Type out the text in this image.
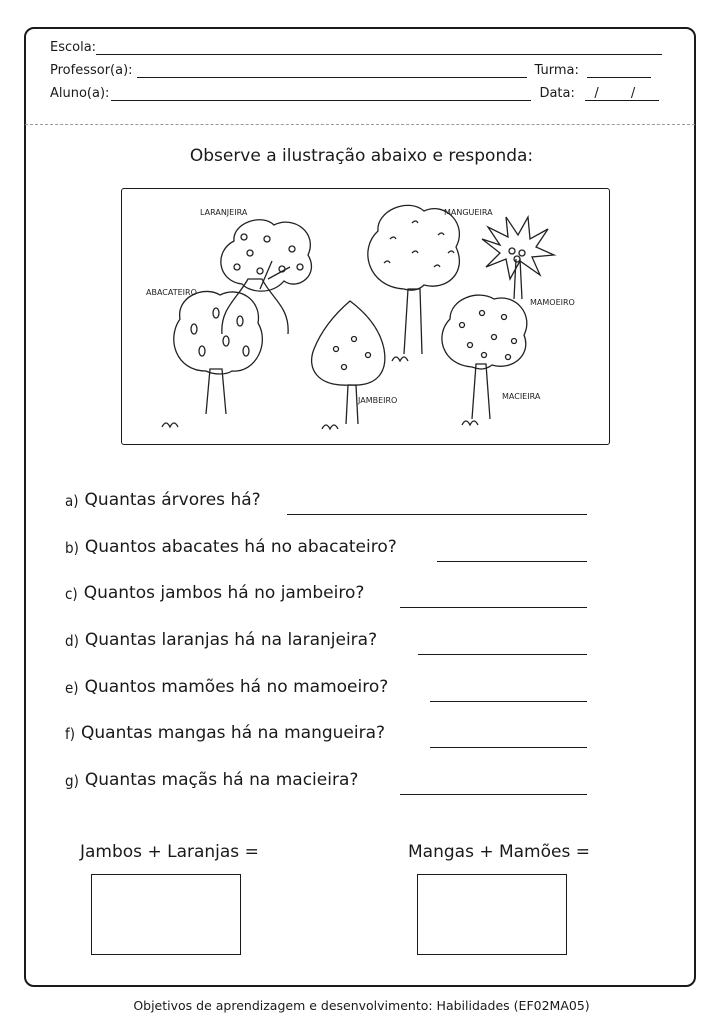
Escola:
Professor(a):	Turma:
Aluno(a):	Data:	/ /
Observe a ilustração abaixo e responda:
LARANJEIRA	MANGUEIRA
ABACATEIRO
MAMOEIRO
JAMBEIRO	MACIEIRA
a) Quantas árvores há?
b) Quantos abacates há no abacateiro?
c) Quantos jambos há no jambeiro?
d) Quantas laranjas há na laranjeira?
e) Quantos mamões há no mamoeiro?
f) Quantas mangas há na mangueira?
g) Quantas maçãs há na macieira?
Jambos + Laranjas =	Mangas + Mamões =
Objetivos de aprendizagem e desenvolvimento: Habilidades (EF02MA05)
